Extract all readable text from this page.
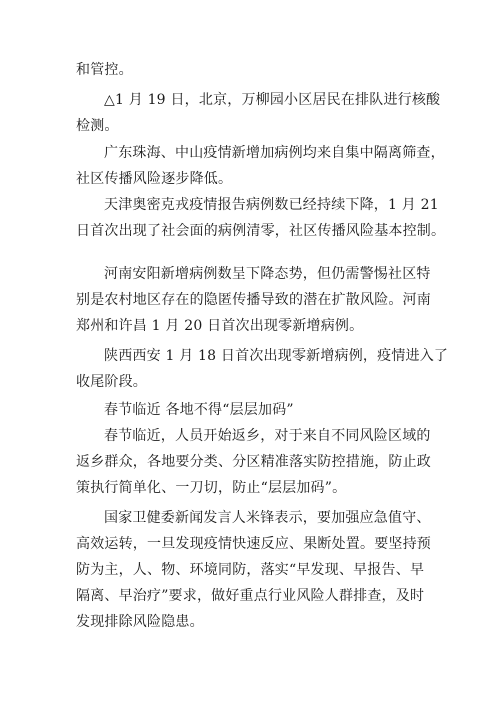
和管控。
△1 月 19 日，北京，万柳园小区居民在排队进行核酸
检测。
广东珠海、中山疫情新增加病例均来自集中隔离筛查，
社区传播风险逐步降低。
天津奥密克戎疫情报告病例数已经持续下降，1 月 21
日首次出现了社会面的病例清零，社区传播风险基本控制。
河南安阳新增病例数呈下降态势，但仍需警惕社区特
别是农村地区存在的隐匿传播导致的潜在扩散风险。河南
郑州和许昌 1 月 20 日首次出现零新增病例。
陕西西安 1 月 18 日首次出现零新增病例，疫情进入了
收尾阶段。
春节临近 各地不得“层层加码”
春节临近，人员开始返乡，对于来自不同风险区域的
返乡群众，各地要分类、分区精准落实防控措施，防止政
策执行简单化、一刀切，防止“层层加码”。
国家卫健委新闻发言人米锋表示，要加强应急值守、
高效运转，一旦发现疫情快速反应、果断处置。要坚持预
防为主，人、物、环境同防，落实“早发现、早报告、早
隔离、早治疗”要求，做好重点行业风险人群排查，及时
发现排除风险隐患。
